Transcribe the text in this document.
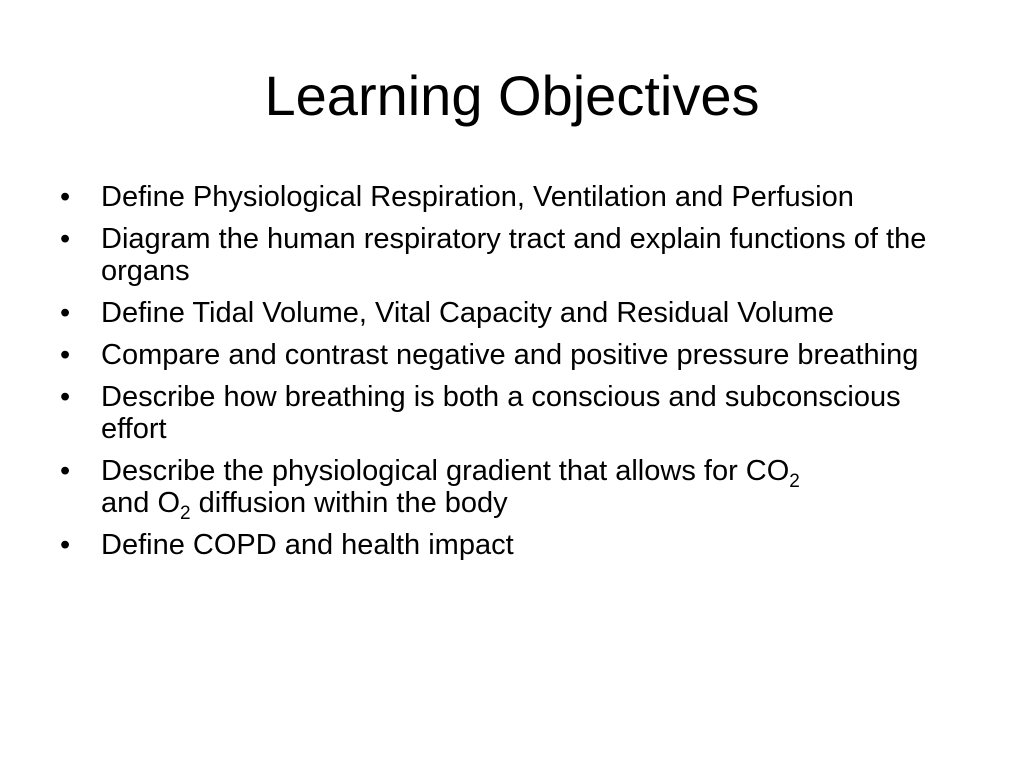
Learning Objectives
• Define Physiological Respiration, Ventilation and Perfusion
• Diagram the human respiratory tract and explain functions of the organs
• Define Tidal Volume, Vital Capacity and Residual Volume
• Compare and contrast negative and positive pressure breathing
• Describe how breathing is both a conscious and subconscious effort
• Describe the physiological gradient that allows for $CO_2$
and $O_2$ diffusion within the body
• Define COPD and health impact
